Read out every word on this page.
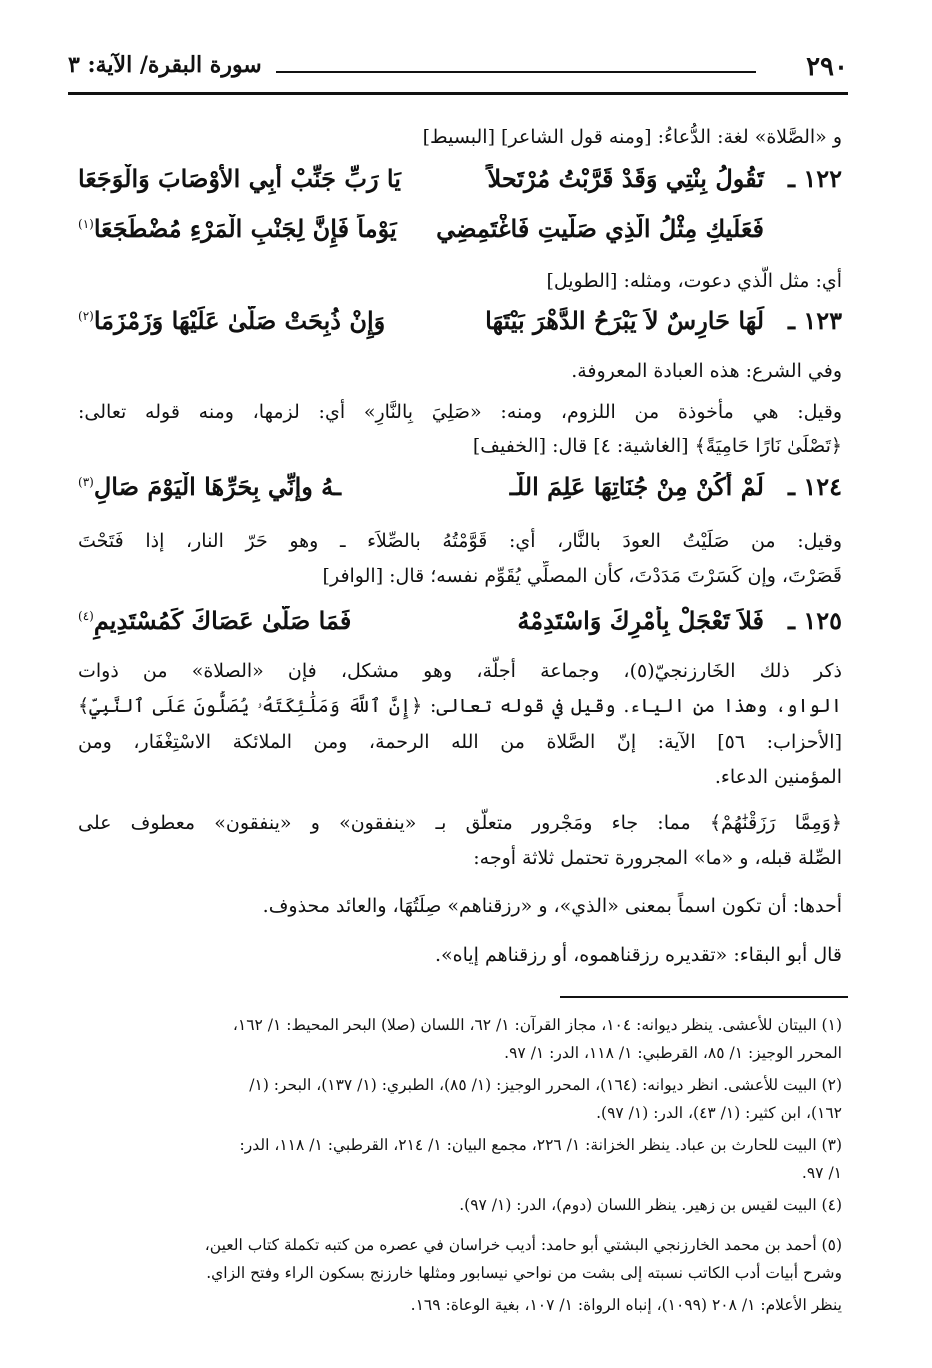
٢٩٠
سورة البقرة/ الآية: ٣
و «الصَّلاة» لغة: الدُّعاءُ: [ومنه قول الشاعر] [البسيط]
١٢٢ ـ
تَقُولُ بِنْتِي وَقَدْ قَرَّبْتُ مُرْتَحلاً
يَا رَبِّ جَنِّبْ أَبِي الأَوْصَابَ وَالْوَجَعَا
فَعَلَيكِ مِثْلُ الَّذِي صَلَّيتِ فَاغْتَمِضِي
يَوْماً فَإِنَّ لِجَنْبِ الْمَرْءِ مُضْطَجَعَا$^{(١)}$
أي: مثل الَّذي دعوت، ومثله: [الطويل]
١٢٣ ـ
لَهَا حَارِسٌ لاَ يَبْرَحُ الدَّهْرَ بَيْتَهَا
وَإِنْ ذُبِحَتْ صَلَّىٰ عَلَيْهَا وَزَمْزَمَا$^{(٢)}$
وفي الشرع: هذه العبادة المعروفة.
وقيل: هي مأخوذة من اللزوم، ومنه: «صَلِيَ بِالنَّارِ» أي: لزمها، ومنه قوله تعالى:
﴿تَصْلَىٰ نَارًا حَامِيَةً﴾ [الغاشية: ٤] قال: [الخفيف]
١٢٤ ـ
لَمْ أَكُنْ مِنْ جُنَاتِهَا عَلِمَ اللَّـ
ـهُ وإنِّي بِحَرِّهَا الْيَوْمَ صَالِ$^{(٣)}$
وقيل: من صَلَيْتُ العودَ بالنَّار، أي: قَوَّمْتُهُ بالصِّلاَء ـ وهو حَرّ النار، إذا فَتَحْتَ
قَصَرْتَ، وإن كَسَرْتَ مَدَدْتَ، كأن المصلِّي يُقَوِّم نفسه؛ قال: [الوافر]
١٢٥ ـ
فَلاَ تَعْجَلْ بِأَمْرِكَ وَاسْتَدِمْهُ
فَمَا صَلَّىٰ عَصَاكَ كَمُسْتَدِيمِ$^{(٤)}$
ذكر ذلك الخَارزنجيّ(٥)، وجماعة أجلّة، وهو مشكل، فإن «الصلاة» من ذوات
الواو، وهذا من الياء. وقيل في قوله تعالى: ﴿إِنَّ ٱللَّهَ وَمَلَٰٓئِكَتَهُۥ يُصَلُّونَ عَلَى ٱلنَّبِيِّ﴾
[الأحزاب: ٥٦] الآية: إنّ الصَّلاة من الله الرحمة، ومن الملائكة الاسْتِغْفَار، ومن
المؤمنين الدعاء.
﴿وَمِمَّا رَزَقْنَٰهُمْ﴾ مما: جاء ومَجْرور متعلّق بـ «ينفقون» و «ينفقون» معطوف على
الصِّلة قبله، و «ما» المجرورة تحتمل ثلاثة أوجه:
أحدها: أن تكون اسماً بمعنى «الذي»، و «رزقناهم» صِلَتُهَا، والعائد محذوف.
قال أبو البقاء: «تقديره رزقناهموه، أو رزقناهم إياه».
(١) البيتان للأعشى. ينظر ديوانه: ١٠٤، مجاز القرآن: ١/ ٦٢، اللسان (صلا) البحر المحيط: ١/ ١٦٢،
المحرر الوجيز: ١/ ٨٥، القرطبي: ١/ ١١٨، الدر: ١/ ٩٧.
(٢) البيت للأعشى. انظر ديوانه: (١٦٤)، المحرر الوجيز: (١/ ٨٥)، الطبري: (١/ ١٣٧)، البحر: (١/
١٦٢)، ابن كثير: (١/ ٤٣)، الدر: (١/ ٩٧).
(٣) البيت للحارث بن عباد. ينظر الخزانة: ١/ ٢٢٦، مجمع البيان: ١/ ٢١٤، القرطبي: ١/ ١١٨، الدر:
١/ ٩٧.
(٤) البيت لقيس بن زهير. ينظر اللسان (دوم)، الدر: (١/ ٩٧).
(٥) أحمد بن محمد الخارزنجي البشتي أبو حامد: أديب خراسان في عصره من كتبه تكملة كتاب العين،
وشرح أبيات أدب الكاتب نسبته إلى بشت من نواحي نيسابور ومثلها خارزنج بسكون الراء وفتح الزاي.
ينظر الأعلام: ١/ ٢٠٨ (١٠٩٩)، إنباه الرواة: ١/ ١٠٧، بغية الوعاة: ١٦٩.
